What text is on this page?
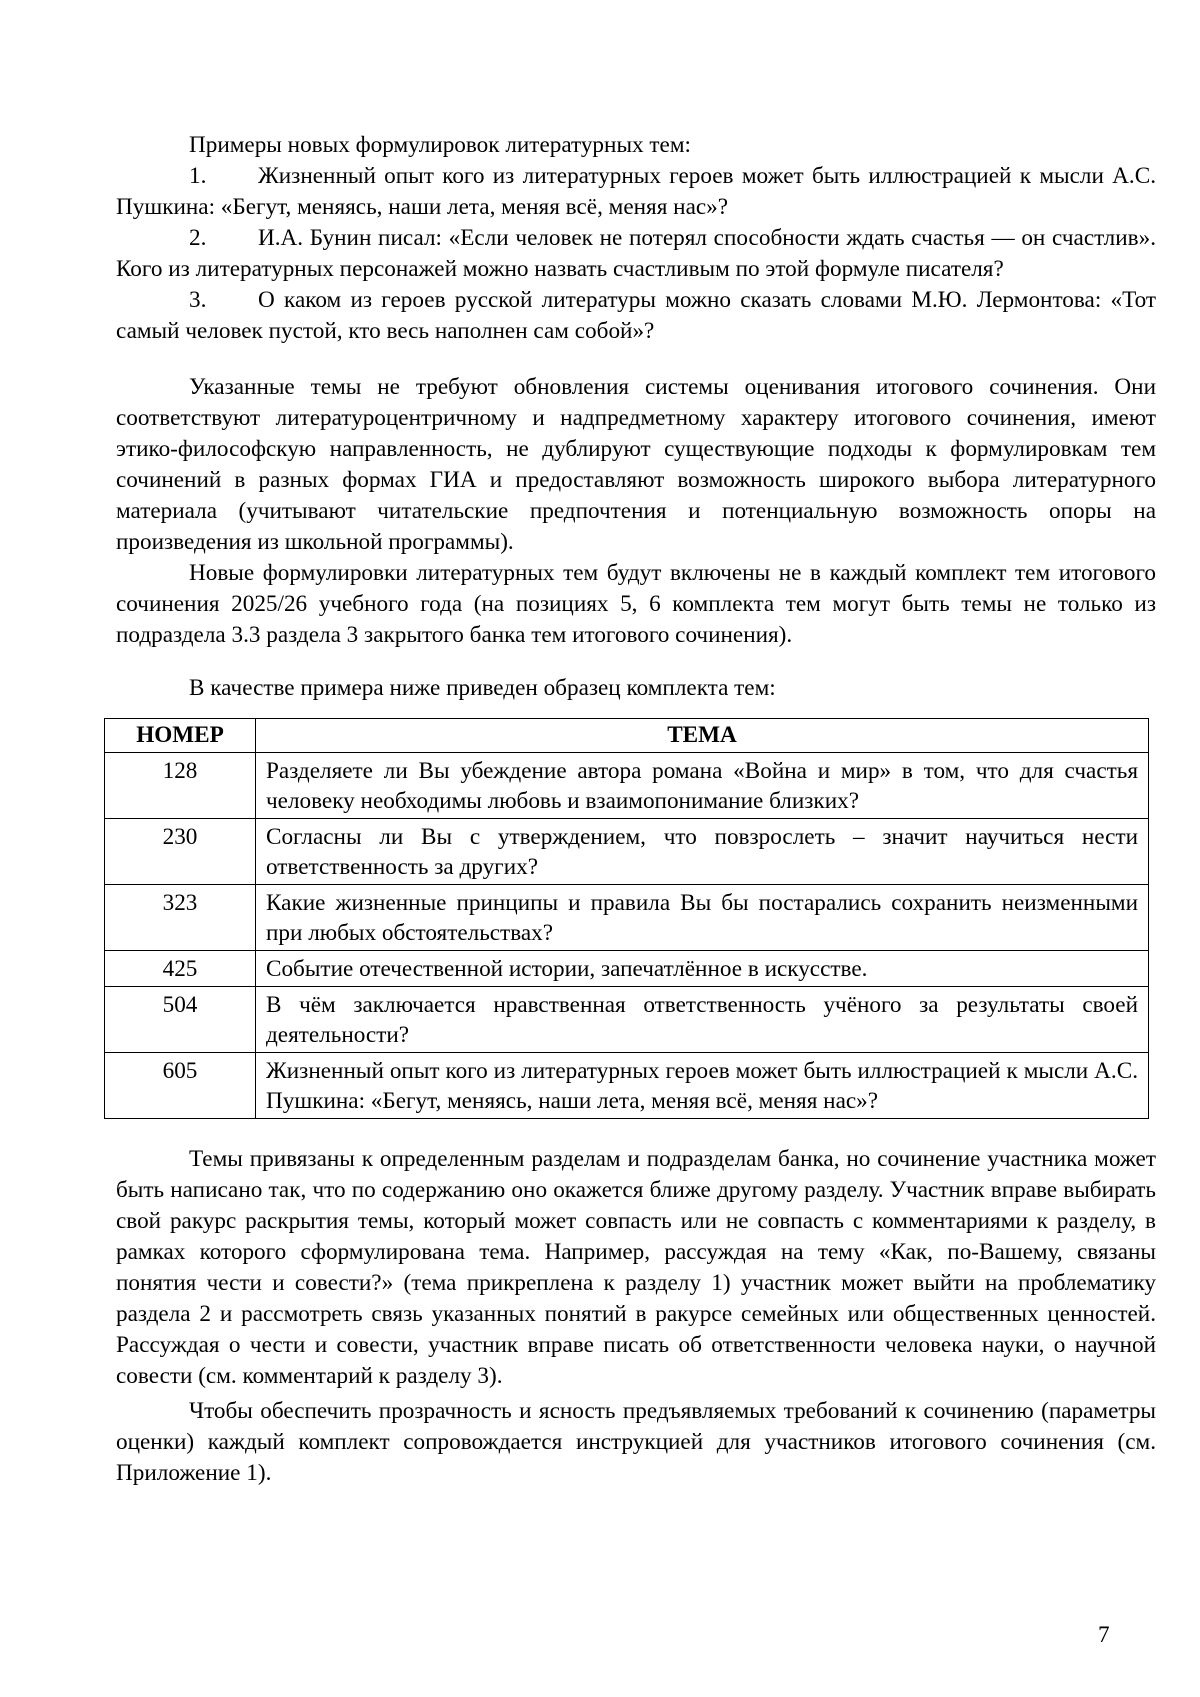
Примеры новых формулировок литературных тем:

1. Жизненный опыт кого из литературных героев может быть иллюстрацией к мысли А.С. Пушкина: «Бегут, меняясь, наши лета, меняя всё, меняя нас»?

2. И.А. Бунин писал: «Если человек не потерял способности ждать счастья — он счастлив». Кого из литературных персонажей можно назвать счастливым по этой формуле писателя?

3. О каком из героев русской литературы можно сказать словами М.Ю. Лермонтова: «Тот самый человек пустой, кто весь наполнен сам собой»?

Указанные темы не требуют обновления системы оценивания итогового сочинения. Они соответствуют литературоцентричному и надпредметному характеру итогового сочинения, имеют этико-философскую направленность, не дублируют существующие подходы к формулировкам тем сочинений в разных формах ГИА и предоставляют возможность широкого выбора литературного материала (учитывают читательские предпочтения и потенциальную возможность опоры на произведения из школьной программы).

Новые формулировки литературных тем будут включены не в каждый комплект тем итогового сочинения 2025/26 учебного года (на позициях 5, 6 комплекта тем могут быть темы не только из подраздела 3.3 раздела 3 закрытого банка тем итогового сочинения).

В качестве примера ниже приведен образец комплекта тем:

НОМЕР	ТЕМА
128	Разделяете ли Вы убеждение автора романа «Война и мир» в том, что для счастья человеку необходимы любовь и взаимопонимание близких?
230	Согласны ли Вы с утверждением, что повзрослеть – значит научиться нести ответственность за других?
323	Какие жизненные принципы и правила Вы бы постарались сохранить неизменными при любых обстоятельствах?
425	Событие отечественной истории, запечатлённое в искусстве.
504	В чём заключается нравственная ответственность учёного за результаты своей деятельности?
605	Жизненный опыт кого из литературных героев может быть иллюстрацией к мысли А.С. Пушкина: «Бегут, меняясь, наши лета, меняя всё, меняя нас»?

Темы привязаны к определенным разделам и подразделам банка, но сочинение участника может быть написано так, что по содержанию оно окажется ближе другому разделу. Участник вправе выбирать свой ракурс раскрытия темы, который может совпасть или не совпасть с комментариями к разделу, в рамках которого сформулирована тема. Например, рассуждая на тему «Как, по-Вашему, связаны понятия чести и совести?» (тема прикреплена к разделу 1) участник может выйти на проблематику раздела 2 и рассмотреть связь указанных понятий в ракурсе семейных или общественных ценностей. Рассуждая о чести и совести, участник вправе писать об ответственности человека науки, о научной совести (см. комментарий к разделу 3).

Чтобы обеспечить прозрачность и ясность предъявляемых требований к сочинению (параметры оценки) каждый комплект сопровождается инструкцией для участников итогового сочинения (см. Приложение 1).

7
